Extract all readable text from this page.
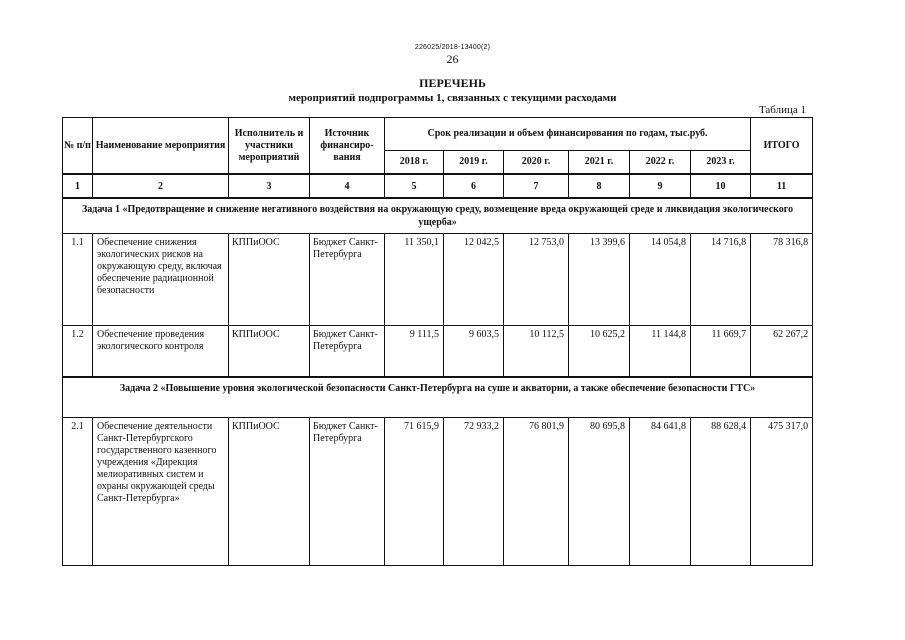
226025/2018-13400(2)
26
ПЕРЕЧЕНЬ
мероприятий подпрограммы 1, связанных с текущими расходами
Таблица 1
№ п/п	Наименование мероприятия	Исполнитель и участники мероприятий	Источник финансиро-вания	Срок реализации и объем финансирования по годам, тыс.руб.						ИТОГО
				2018 г.	2019 г.	2020 г.	2021 г.	2022 г.	2023 г.	
1	2	3	4	5	6	7	8	9	10	11
Задача 1 «Предотвращение и снижение негативного воздействия на окружающую среду, возмещение вреда окружающей среде и ликвидация экологического ущерба»										
1.1	Обеспечение снижения экологических рисков на окружающую среду, включая обеспечение радиационной безопасности	КППиООС	Бюджет Санкт-Петербурга	11 350,1	12 042,5	12 753,0	13 399,6	14 054,8	14 716,8	78 316,8
1.2	Обеспечение проведения экологического контроля	КППиООС	Бюджет Санкт-Петербурга	9 111,5	9 603,5	10 112,5	10 625,2	11 144,8	11 669,7	62 267,2
Задача 2 «Повышение уровня экологической безопасности Санкт-Петербурга на суше и акватории, а также обеспечение безопасности ГТС»										
2.1	Обеспечение деятельности Санкт-Петербургского государственного казенного учреждения «Дирекция мелиоративных систем и охраны окружающей среды Санкт-Петербурга»	КППиООС	Бюджет Санкт-Петербурга	71 615,9	72 933,2	76 801,9	80 695,8	84 641,8	88 628,4	475 317,0
